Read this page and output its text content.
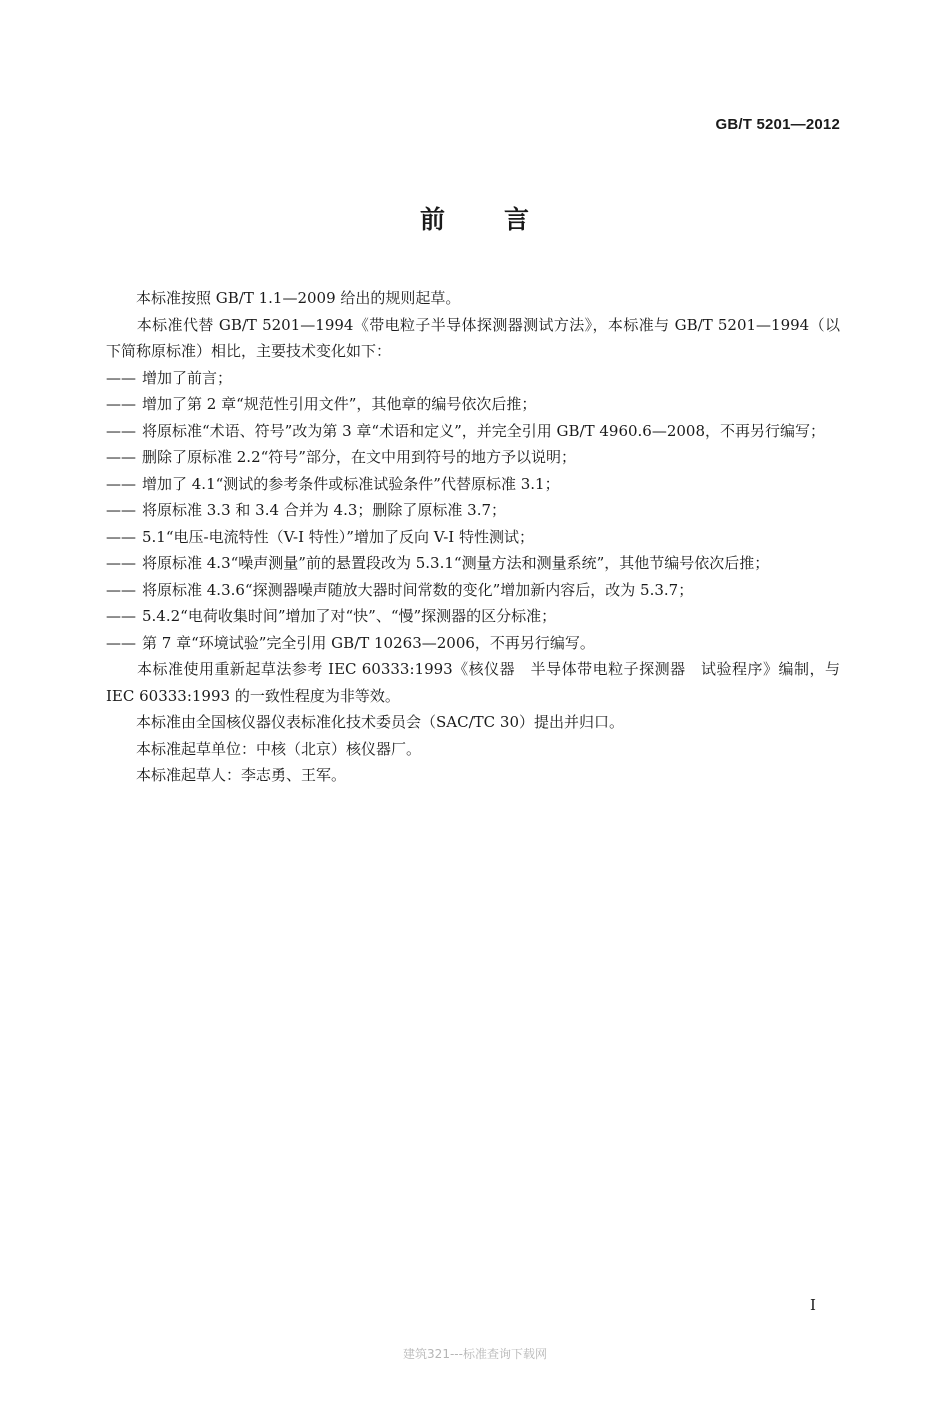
GB/T 5201—2012
前 言

　　本标准按照 GB/T 1.1—2009 给出的规则起草。

　　本标准代替 GB/T 5201—1994《带电粒子半导体探测器测试方法》，本标准与 GB/T 5201—1994（以下简称原标准）相比，主要技术变化如下：

—— 增加了前言；

—— 增加了第 2 章“规范性引用文件”，其他章的编号依次后推；

—— 将原标准“术语、符号”改为第 3 章“术语和定义”，并完全引用 GB/T 4960.6—2008，不再另行编写；

—— 删除了原标准 2.2“符号”部分，在文中用到符号的地方予以说明；

—— 增加了 4.1“测试的参考条件或标准试验条件”代替原标准 3.1；

—— 将原标准 3.3 和 3.4 合并为 4.3；删除了原标准 3.7；

—— 5.1“电压-电流特性（V-I 特性）”增加了反向 V-I 特性测试；

—— 将原标准 4.3“噪声测量”前的悬置段改为 5.3.1“测量方法和测量系统”，其他节编号依次后推；

—— 将原标准 4.3.6“探测器噪声随放大器时间常数的变化”增加新内容后，改为 5.3.7；

—— 5.4.2“电荷收集时间”增加了对“快”、“慢”探测器的区分标准；

—— 第 7 章“环境试验”完全引用 GB/T 10263—2006，不再另行编写。

　　本标准使用重新起草法参考 IEC 60333:1993《核仪器　半导体带电粒子探测器　试验程序》编制，与 IEC 60333:1993 的一致性程度为非等效。

　　本标准由全国核仪器仪表标准化技术委员会（SAC/TC 30）提出并归口。

　　本标准起草单位：中核（北京）核仪器厂。

　　本标准起草人：李志勇、王军。

I
建筑321---标准查询下载网
